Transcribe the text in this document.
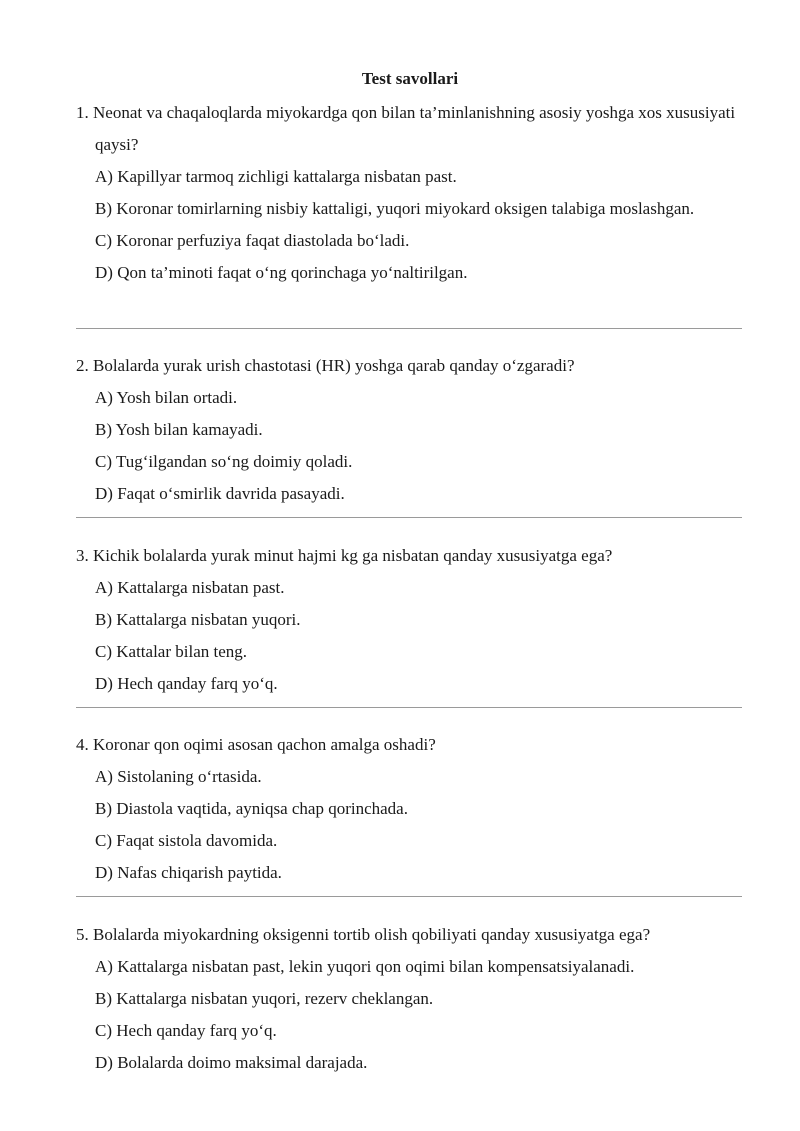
Test savollari

1. Neonat va chaqaloqlarda miyokardga qon bilan ta’minlanishning asosiy yoshga xos xususiyati qaysi?

A) Kapillyar tarmoq zichligi kattalarga nisbatan past.
B) Koronar tomirlarning nisbiy kattaligi, yuqori miyokard oksigen talabiga moslashgan.
C) Koronar perfuziya faqat diastolada bo‘ladi.
D) Qon ta’minoti faqat o‘ng qorinchaga yo‘naltirilgan.

2. Bolalarda yurak urish chastotasi (HR) yoshga qarab qanday o‘zgaradi?

A) Yosh bilan ortadi.
B) Yosh bilan kamayadi.
C) Tug‘ilgandan so‘ng doimiy qoladi.
D) Faqat o‘smirlik davrida pasayadi.

3. Kichik bolalarda yurak minut hajmi kg ga nisbatan qanday xususiyatga ega?

A) Kattalarga nisbatan past.
B) Kattalarga nisbatan yuqori.
C) Kattalar bilan teng.
D) Hech qanday farq yo‘q.

4. Koronar qon oqimi asosan qachon amalga oshadi?

A) Sistolaning o‘rtasida.
B) Diastola vaqtida, ayniqsa chap qorinchada.
C) Faqat sistola davomida.
D) Nafas chiqarish paytida.

5. Bolalarda miyokardning oksigenni tortib olish qobiliyati qanday xususiyatga ega?

A) Kattalarga nisbatan past, lekin yuqori qon oqimi bilan kompensatsiyalanadi.
B) Kattalarga nisbatan yuqori, rezerv cheklangan.
C) Hech qanday farq yo‘q.
D) Bolalarda doimo maksimal darajada.
